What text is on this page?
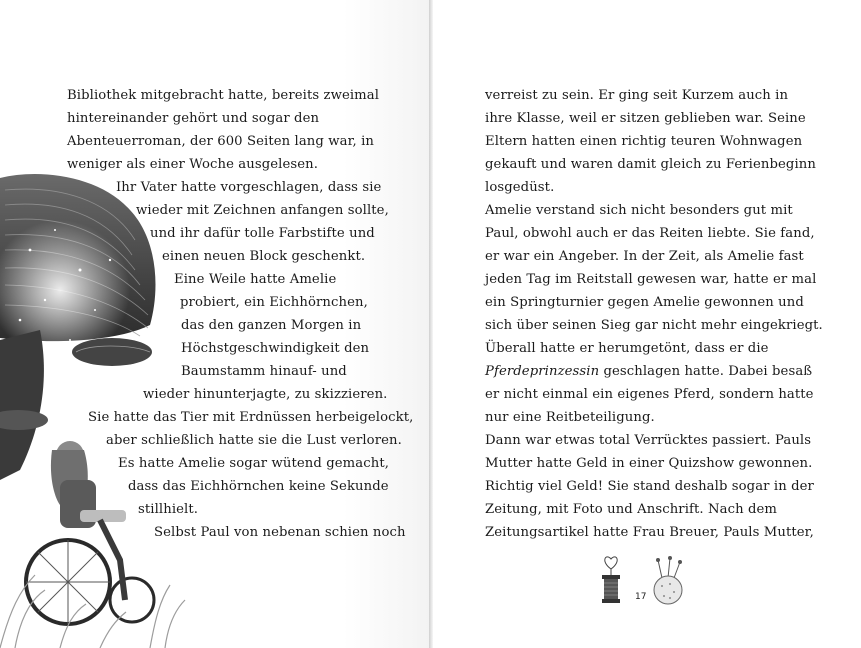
Bibliothek mitgebracht hatte, bereits zweimal
hintereinander gehört und sogar den
Abenteuerroman, der 600 Seiten lang war, in
weniger als einer Woche ausgelesen.
Ihr Vater hatte vorgeschlagen, dass sie
wieder mit Zeichnen anfangen sollte,
und ihr dafür tolle Farbstifte und
einen neuen Block geschenkt.
Eine Weile hatte Amelie
probiert, ein Eichhörnchen,
das den ganzen Morgen in
Höchstgeschwindigkeit den
Baumstamm hinauf- und
wieder hinunterjagte, zu skizzieren.
Sie hatte das Tier mit Erdnüssen herbeigelockt,
aber schließlich hatte sie die Lust verloren.
Es hatte Amelie sogar wütend gemacht,
dass das Eichhörnchen keine Sekunde
stillhielt.
Selbst Paul von nebenan schien noch
verreist zu sein. Er ging seit Kurzem auch in
ihre Klasse, weil er sitzen geblieben war. Seine
Eltern hatten einen richtig teuren Wohnwagen
gekauft und waren damit gleich zu Ferienbeginn
losgedüst.
Amelie verstand sich nicht besonders gut mit
Paul, obwohl auch er das Reiten liebte. Sie fand,
er war ein Angeber. In der Zeit, als Amelie fast
jeden Tag im Reitstall gewesen war, hatte er mal
ein Springturnier gegen Amelie gewonnen und
sich über seinen Sieg gar nicht mehr eingekriegt.
Überall hatte er herumgetönt, dass er die
Pferdeprinzessin geschlagen hatte. Dabei besaß
er nicht einmal ein eigenes Pferd, sondern hatte
nur eine Reitbeteiligung.
Dann war etwas total Verrücktes passiert. Pauls
Mutter hatte Geld in einer Quizshow gewonnen.
Richtig viel Geld! Sie stand deshalb sogar in der
Zeitung, mit Foto und Anschrift. Nach dem
Zeitungsartikel hatte Frau Breuer, Pauls Mutter,
17
